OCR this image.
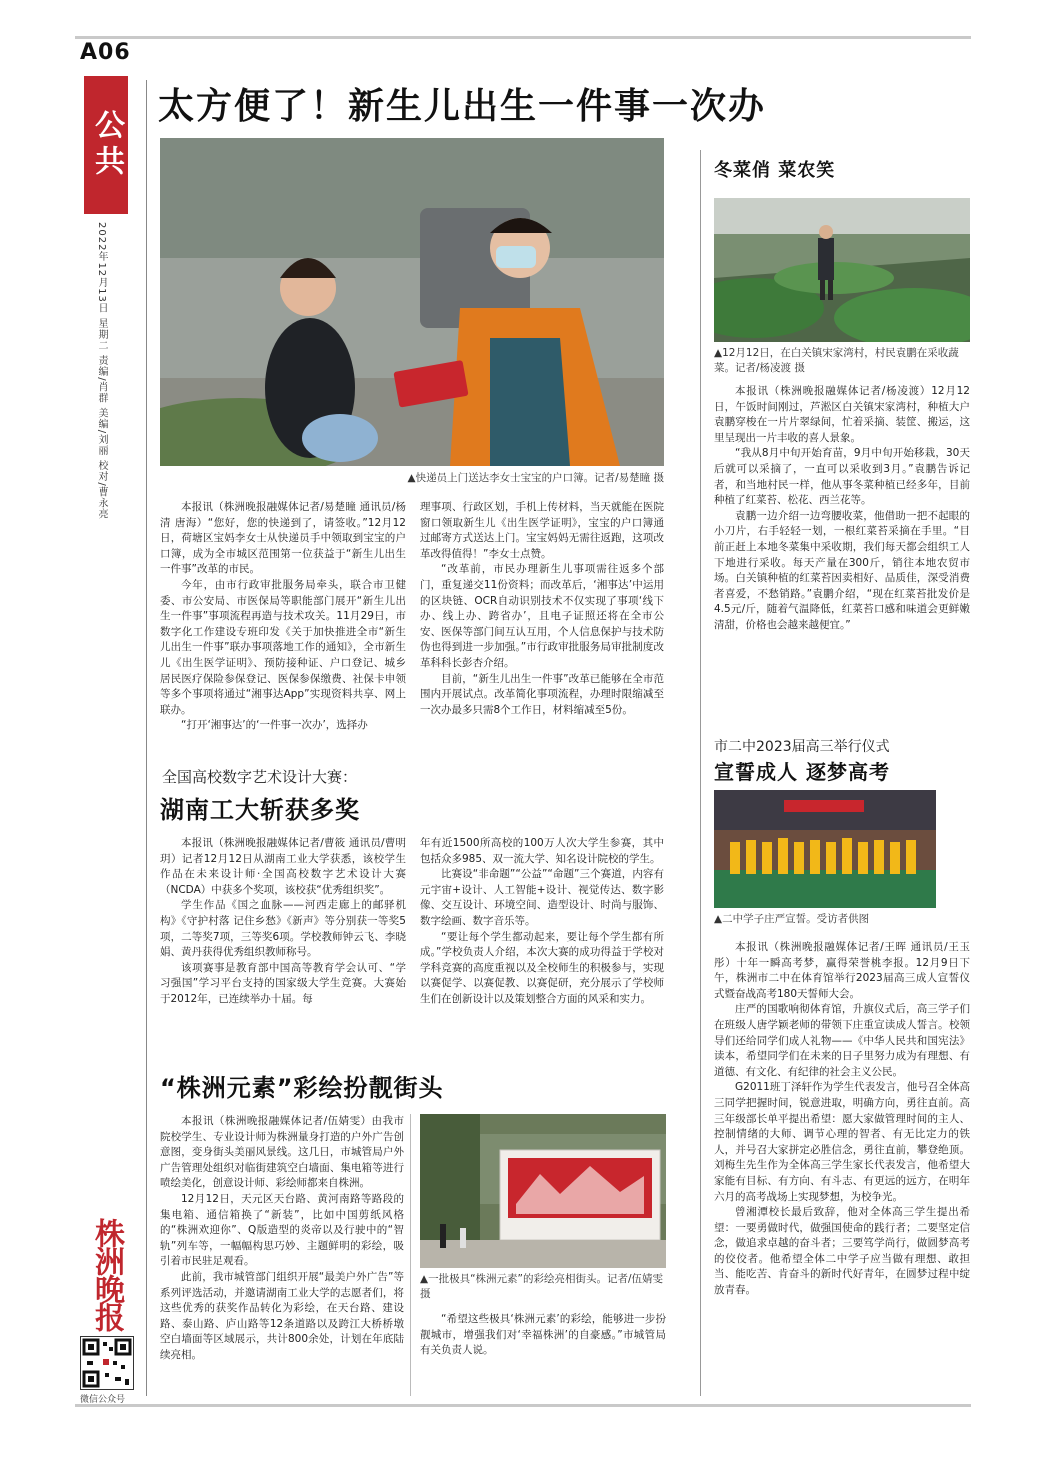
A06
公共
2022年12月13日 星期二 责编/肖群 美编/刘丽 校对/曹永亮
株洲晚报
微信公众号
太方便了！新生儿出生一件事一次办
▲快递员上门送达李女士宝宝的户口簿。记者/易楚瞳 摄

本报讯（株洲晚报融媒体记者/易楚瞳 通讯员/杨清 唐海）“您好，您的快递到了，请签收。”12月12日，荷塘区宝妈李女士从快递员手中领取到宝宝的户口簿，成为全市城区范围第一位获益于“新生儿出生一件事”改革的市民。

今年，由市行政审批服务局牵头，联合市卫健委、市公安局、市医保局等职能部门展开“新生儿出生一件事”事项流程再造与技术攻关。11月29日，市数字化工作建设专班印发《关于加快推进全市“新生儿出生一件事”联办事项落地工作的通知》，全市新生儿《出生医学证明》、预防接种证、户口登记、城乡居民医疗保险参保登记、医保参保缴费、社保卡申领等多个事项将通过“湘事达App”实现资料共享、网上联办。

“打开‘湘事达’的‘一件事一次办’，选择办

理事项、行政区划，手机上传材料，当天就能在医院窗口领取新生儿《出生医学证明》，宝宝的户口簿通过邮寄方式送达上门。宝宝妈妈无需往返跑，这项改革改得值得！”李女士点赞。

“改革前，市民办理新生儿事项需往返多个部门，重复递交11份资料；而改革后，‘湘事达’中运用的区块链、OCR自动识别技术不仅实现了事项‘线下办、线上办、跨省办’，且电子证照还将在全市公安、医保等部门间互认互用，个人信息保护与技术防伪也得到进一步加强。”市行政审批服务局审批制度改革科科长彭杏介绍。

目前，“新生儿出生一件事”改革已能够在全市范围内开展试点。改革简化事项流程，办理时限缩减至一次办最多只需8个工作日，材料缩减至5份。

全国高校数字艺术设计大赛：
湖南工大斩获多奖

本报讯（株洲晚报融媒体记者/曹筱 通讯员/曹明玥）记者12月12日从湖南工业大学获悉，该校学生作品在未来设计师·全国高校数字艺术设计大赛（NCDA）中获多个奖项，该校获“优秀组织奖”。

学生作品《国之血脉——河西走廊上的邮驿机构》《守护村落 记住乡愁》《新声》等分别获一等奖5项，二等奖7项，三等奖6项。学校教师钟云飞、李晓娟、黄丹获得优秀组织教师称号。

该项赛事是教育部中国高等教育学会认可、“学习强国”学习平台支持的国家级大学生竞赛。大赛始于2012年，已连续举办十届。每

年有近1500所高校的100万人次大学生参赛，其中包括众多985、双一流大学、知名设计院校的学生。

比赛设“非命题”“公益”“命题”三个赛道，内容有元宇宙+设计、人工智能+设计、视觉传达、数字影像、交互设计、环境空间、造型设计、时尚与服饰、数字绘画、数字音乐等。

“要让每个学生都动起来，要让每个学生都有所成。”学校负责人介绍，本次大赛的成功得益于学校对学科竞赛的高度重视以及全校师生的积极参与，实现以赛促学、以赛促教、以赛促研，充分展示了学校师生们在创新设计以及策划整合方面的风采和实力。

“株洲元素”彩绘扮靓街头

本报讯（株洲晚报融媒体记者/伍婧雯）由我市院校学生、专业设计师为株洲量身打造的户外广告创意图，变身街头美丽风景线。这几日，市城管局户外广告管理处组织对临街建筑空白墙面、集电箱等进行喷绘美化，创意设计师、彩绘师都来自株洲。

12月12日，天元区天台路、黄河南路等路段的集电箱、通信箱换了“新装”，比如中国剪纸风格的“株洲欢迎你”、Q版造型的炎帝以及行驶中的“智轨”列车等，一幅幅构思巧妙、主题鲜明的彩绘，吸引着市民驻足观看。

此前，我市城管部门组织开展“最美户外广告”等系列评选活动，并邀请湖南工业大学的志愿者们，将这些优秀的获奖作品转化为彩绘，在天台路、建设路、泰山路、庐山路等12条道路以及跨江大桥桥墩空白墙面等区域展示，共计800余处，计划在年底陆续亮相。

▲一批极具“株洲元素”的彩绘亮相街头。记者/伍婧雯 摄

“希望这些极具‘株洲元素’的彩绘，能够进一步扮靓城市，增强我们对‘幸福株洲’的自豪感。”市城管局有关负责人说。

冬菜俏 菜农笑
▲12月12日，在白关镇宋家湾村，村民袁鹏在采收蔬菜。记者/杨凌渡 摄

本报讯（株洲晚报融媒体记者/杨凌渡）12月12日，午饭时间刚过，芦淞区白关镇宋家湾村，种植大户袁鹏穿梭在一片片翠绿间，忙着采摘、装筐、搬运，这里呈现出一片丰收的喜人景象。

“我从8月中旬开始育苗，9月中旬开始移栽，30天后就可以采摘了，一直可以采收到3月。”袁鹏告诉记者，和当地村民一样，他从事冬菜种植已经多年，目前种植了红菜苔、松花、西兰花等。

袁鹏一边介绍一边弯腰收菜，他借助一把不起眼的小刀片，右手轻轻一划，一根红菜苔采摘在手里。“目前正赶上本地冬菜集中采收期，我们每天都会组织工人下地进行采收。每天产量在300斤，销往本地农贸市场。白关镇种植的红菜苔因卖相好、品质佳，深受消费者喜爱，不愁销路。”袁鹏介绍，“现在红菜苔批发价是4.5元/斤，随着气温降低，红菜苔口感和味道会更鲜嫩清甜，价格也会越来越便宜。”

市二中2023届高三举行仪式
宣誓成人 逐梦高考
▲二中学子庄严宣誓。受访者供图

本报讯（株洲晚报融媒体记者/王晖 通讯员/王玉彤）十年一瞬高考梦，赢得荣誉桃李报。12月9日下午，株洲市二中在体育馆举行2023届高三成人宣誓仪式暨奋战高考180天誓师大会。

庄严的国歌响彻体育馆，升旗仪式后，高三学子们在班级人唐学颖老师的带领下庄重宣读成人誓言。校领导们还给同学们成人礼物——《中华人民共和国宪法》读本，希望同学们在未来的日子里努力成为有理想、有道德、有文化、有纪律的社会主义公民。

G2011班丁泽轩作为学生代表发言，他号召全体高三同学把握时间，锐意进取，明确方向，勇往直前。高三年级部长单平提出希望：愿大家做管理时间的主人、控制情绪的大师、调节心理的智者、有无比定力的铁人，并号召大家拼定必胜信念，勇往直前，攀登绝顶。刘梅生先生作为全体高三学生家长代表发言，他希望大家能有目标、有方向、有斗志、有更远的远方，在明年六月的高考战场上实现梦想，为校争光。

曾湘潭校长最后致辞，他对全体高三学生提出希望：一要勇做时代，做强国使命的践行者；二要坚定信念，做追求卓越的奋斗者；三要笃学尚行，做圆梦高考的佼佼者。他希望全体二中学子应当做有理想、敢担当、能吃苦、肯奋斗的新时代好青年，在圆梦过程中绽放青春。
